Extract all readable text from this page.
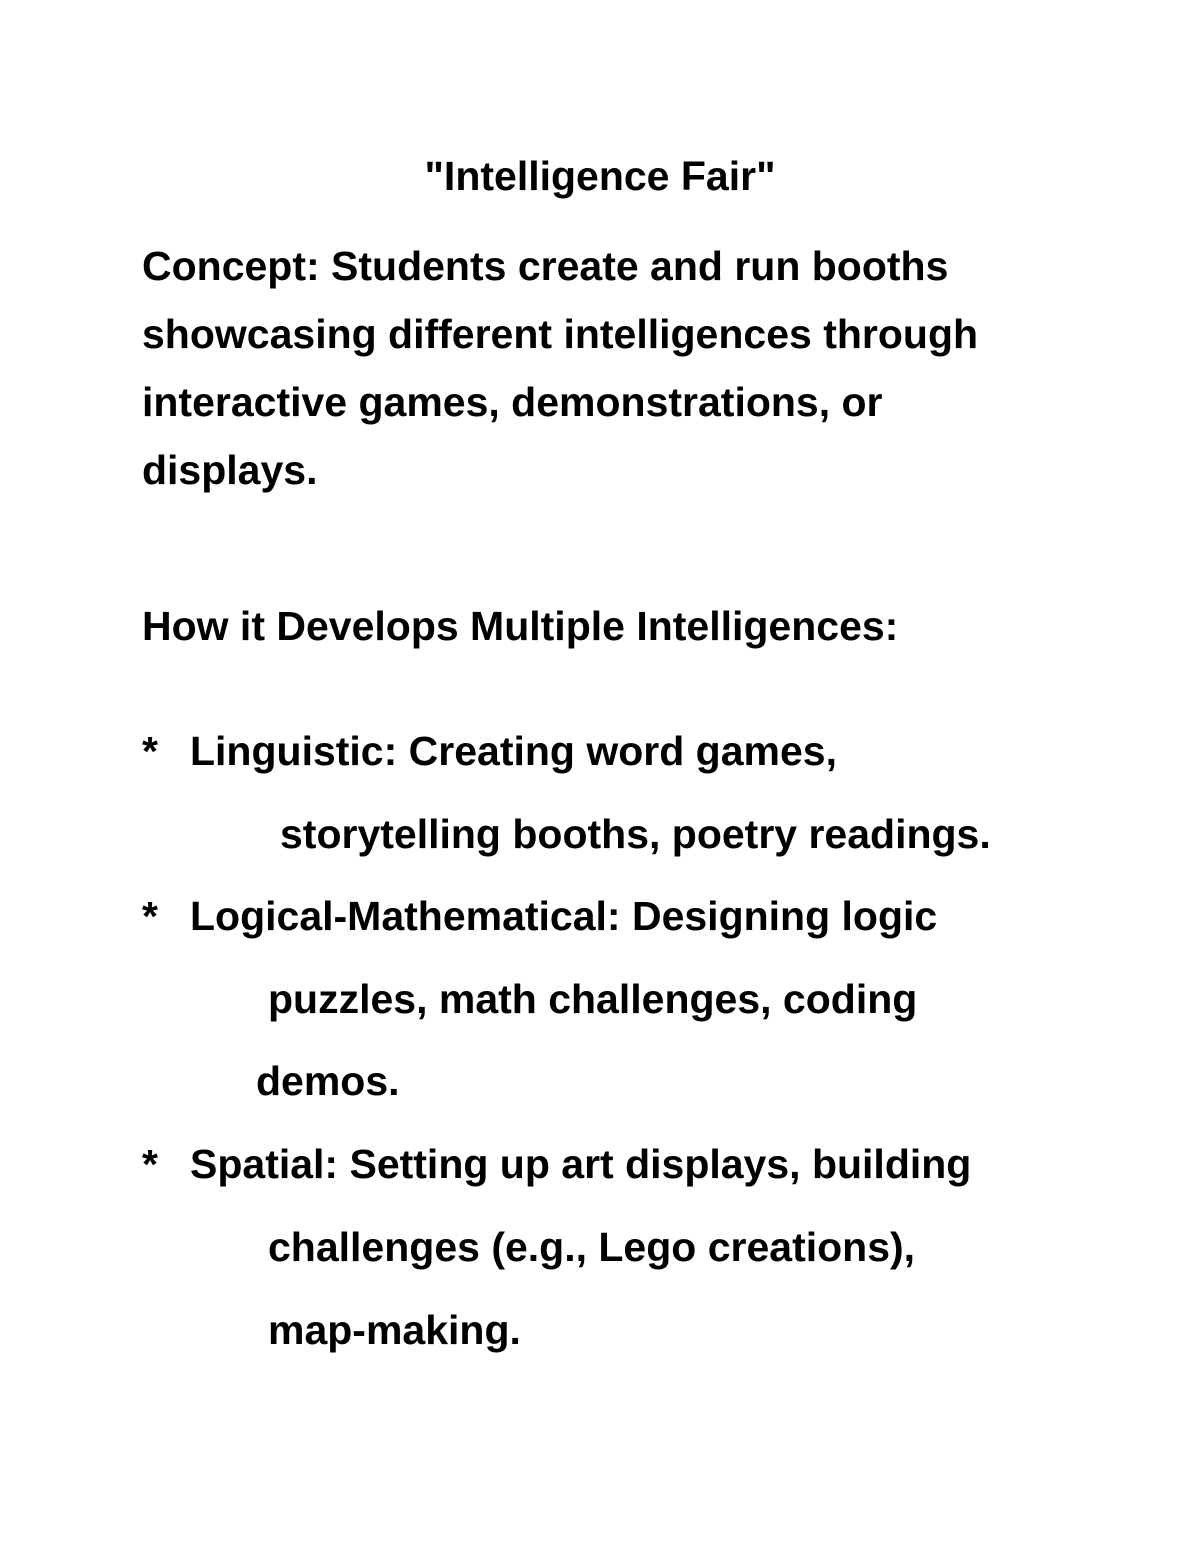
"Intelligence Fair"

Concept: Students create and run booths showcasing different intelligences through interactive games, demonstrations, or displays.

How it Develops Multiple Intelligences:

* Linguistic: Creating word games,
storytelling booths, poetry readings.
* Logical-Mathematical: Designing logic
puzzles, math challenges, coding
demos.
* Spatial: Setting up art displays, building
challenges (e.g., Lego creations),
map-making.
